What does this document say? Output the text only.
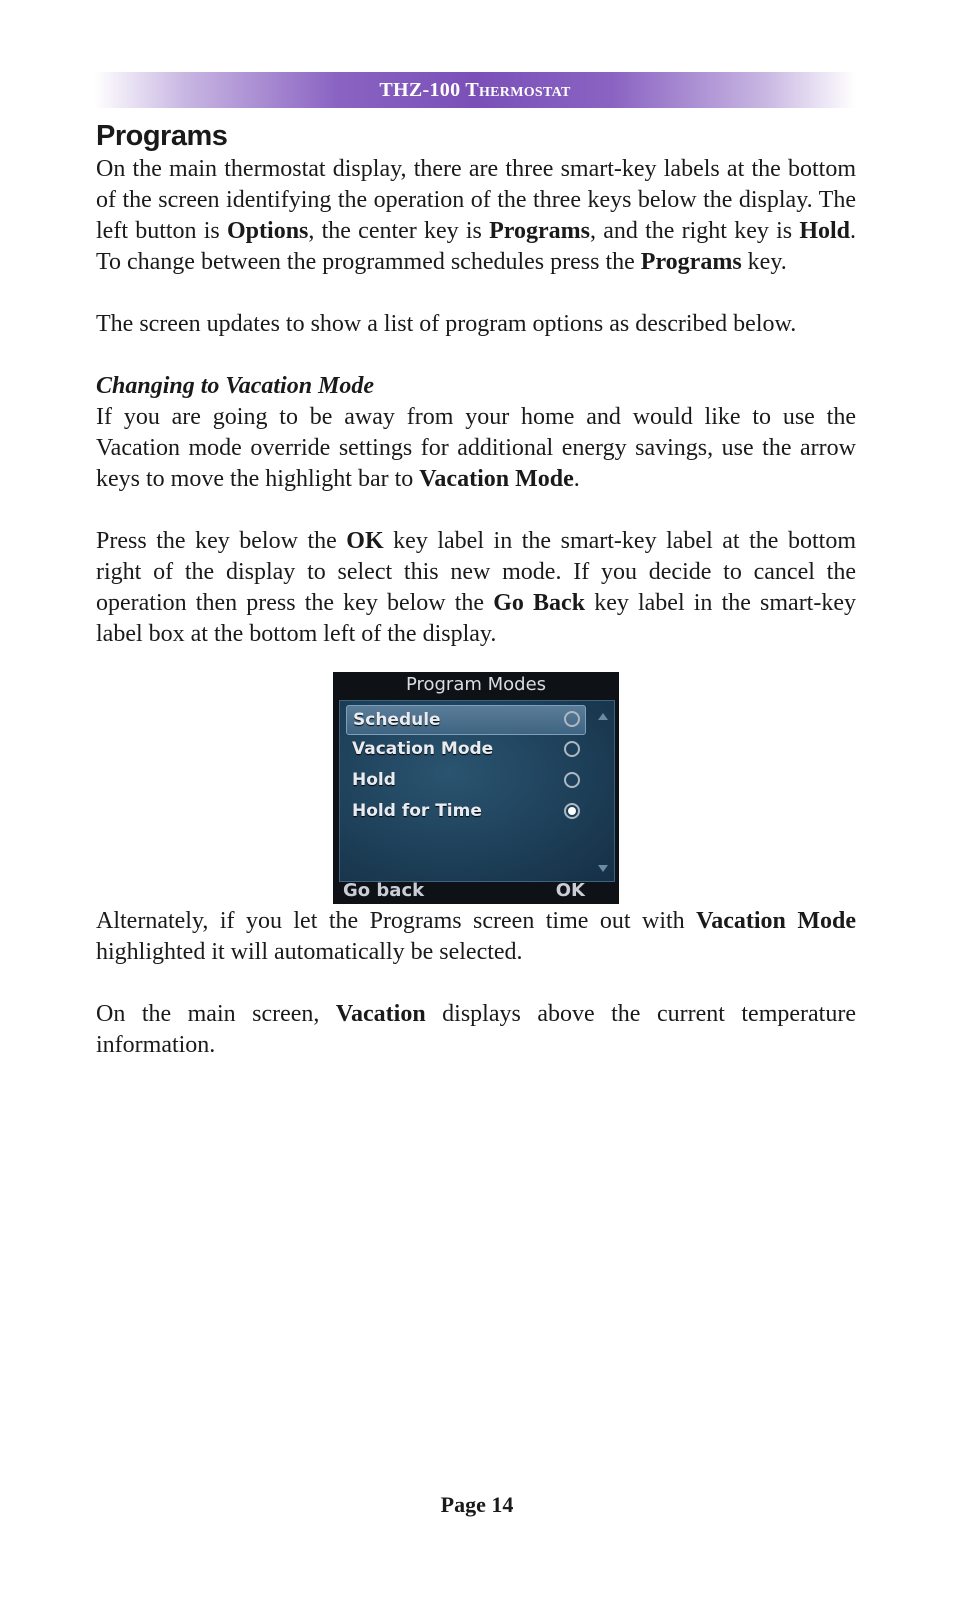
THZ-100 Thermostat
Programs

On the main thermostat display, there are three smart-key labels at the bottom of the screen identifying the operation of the three keys below the display. The left button is Options, the center key is Programs, and the right key is Hold. To change between the programmed schedules press the Programs key.

The screen updates to show a list of program options as described below.

Changing to Vacation Mode

If you are going to be away from your home and would like to use the Vacation mode override settings for additional energy savings, use the arrow keys to move the highlight bar to Vacation Mode.

Press the key below the OK key label in the smart-key label at the bottom right of the display to select this new mode. If you decide to cancel the operation then press the key below the Go Back key label in the smart-key label box at the bottom left of the display.

Program Modes
Schedule
Vacation Mode
Hold
Hold for Time
Go back	OK

Alternately, if you let the Programs screen time out with Vacation Mode highlighted it will automatically be selected.

On the main screen, Vacation displays above the current temperature information.

Page 14
